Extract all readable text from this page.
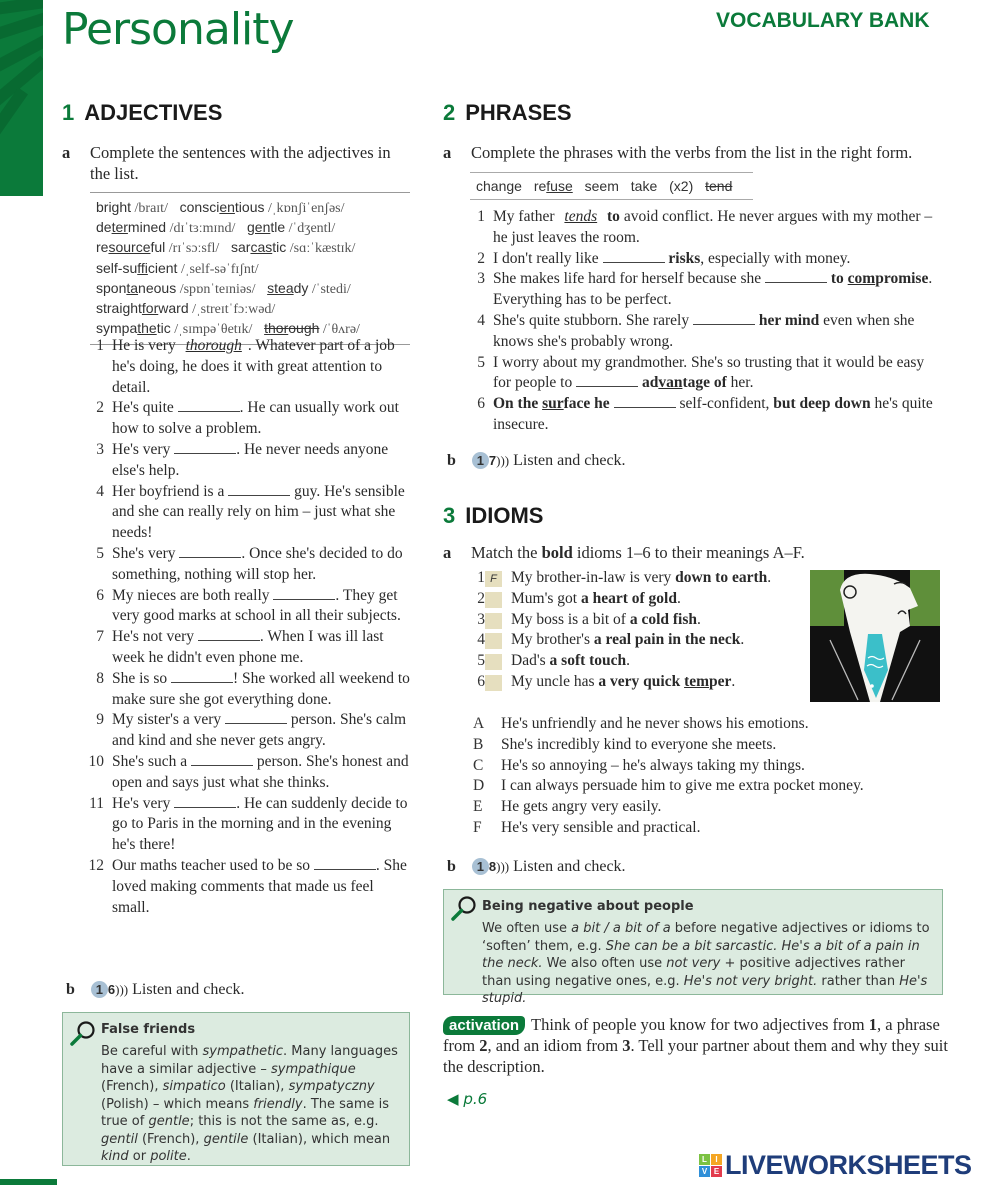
Personality	VOCABULARY BANK
1 ADJECTIVES
a	Complete the sentences with the adjectives in the list.
bright /braɪt/ conscientious /ˌkɒnʃiˈenʃəs/
determined /dɪˈtɜːmɪnd/ gentle /ˈdʒentl/
resourceful /rɪˈsɔːsfl/ sarcastic /sɑːˈkæstɪk/
self-sufficient /ˌself-səˈfɪʃnt/
spontaneous /spɒnˈteɪniəs/ steady /ˈstedi/
straightforward /ˌstreɪtˈfɔːwəd/
sympathetic /ˌsɪmpəˈθetɪk/ thorough /ˈθʌrə/
1 He is very thorough . Whatever part of a job he's doing, he does it with great attention to detail.
2 He's quite	. He can usually work out how to solve a problem.
3 He's very	. He never needs anyone else's help.
4 Her boyfriend is a	guy. He's sensible and she can really rely on him – just what she needs!
5 She's very	. Once she's decided to do something, nothing will stop her.
6 My nieces are both really	. They get very good marks at school in all their subjects.
7 He's not very	. When I was ill last week he didn't even phone me.
8 She is so	! She worked all weekend to make sure she got everything done.
9 My sister's a very	person. She's calm and kind and she never gets angry.
10 She's such a	person. She's honest and open and says just what she thinks.
11 He's very	. He can suddenly decide to go to Paris in the morning and in the evening he's there!
12 Our maths teacher used to be so	. She loved making comments that made us feel small.
b 1 6))) Listen and check.
False friends
Be careful with sympathetic. Many languages have a similar adjective – sympathique (French), simpatico (Italian), sympatyczny (Polish) – which means friendly. The same is true of gentle; this is not the same as, e.g. gentil (French), gentile (Italian), which mean kind or polite.
2 PHRASES
a	Complete the phrases with the verbs from the list in the right form.
change refuse seem take (x2) tend
1 My father tends to avoid conflict. He never argues with my mother – he just leaves the room.
2 I don't really like	risks, especially with money.
3 She makes life hard for herself because she	to compromise. Everything has to be perfect.
4 She's quite stubborn. She rarely	her mind even when she knows she's probably wrong.
5 I worry about my grandmother. She's so trusting that it would be easy for people to	advantage of her.
6 On the surface he	self-confident, but deep down he's quite insecure.
b 1 7))) Listen and check.
3 IDIOMS
a	Match the bold idioms 1–6 to their meanings A–F.
1 F My brother-in-law is very down to earth.
2 Mum's got a heart of gold.
3 My boss is a bit of a cold fish.
4 My brother's a real pain in the neck.
5 Dad's a soft touch.
6 My uncle has a very quick temper.
A He's unfriendly and he never shows his emotions.
B She's incredibly kind to everyone she meets.
C He's so annoying – he's always taking my things.
D I can always persuade him to give me extra pocket money.
E He gets angry very easily.
F	He's very sensible and practical.
b 1 8))) Listen and check.
Being negative about people
We often use a bit / a bit of a before negative adjectives or idioms to ‘soften’ them, e.g. She can be a bit sarcastic. He's a bit of a pain in the neck. We also often use not very + positive adjectives rather than using negative ones, e.g. He's not very bright. rather than He's stupid.
activation Think of people you know for two adjectives from 1, a phrase from 2, and an idiom from 3. Tell your partner about them and why they suit the description.
◀ p.6
L	I
V E LIVEWORKSHEETS
